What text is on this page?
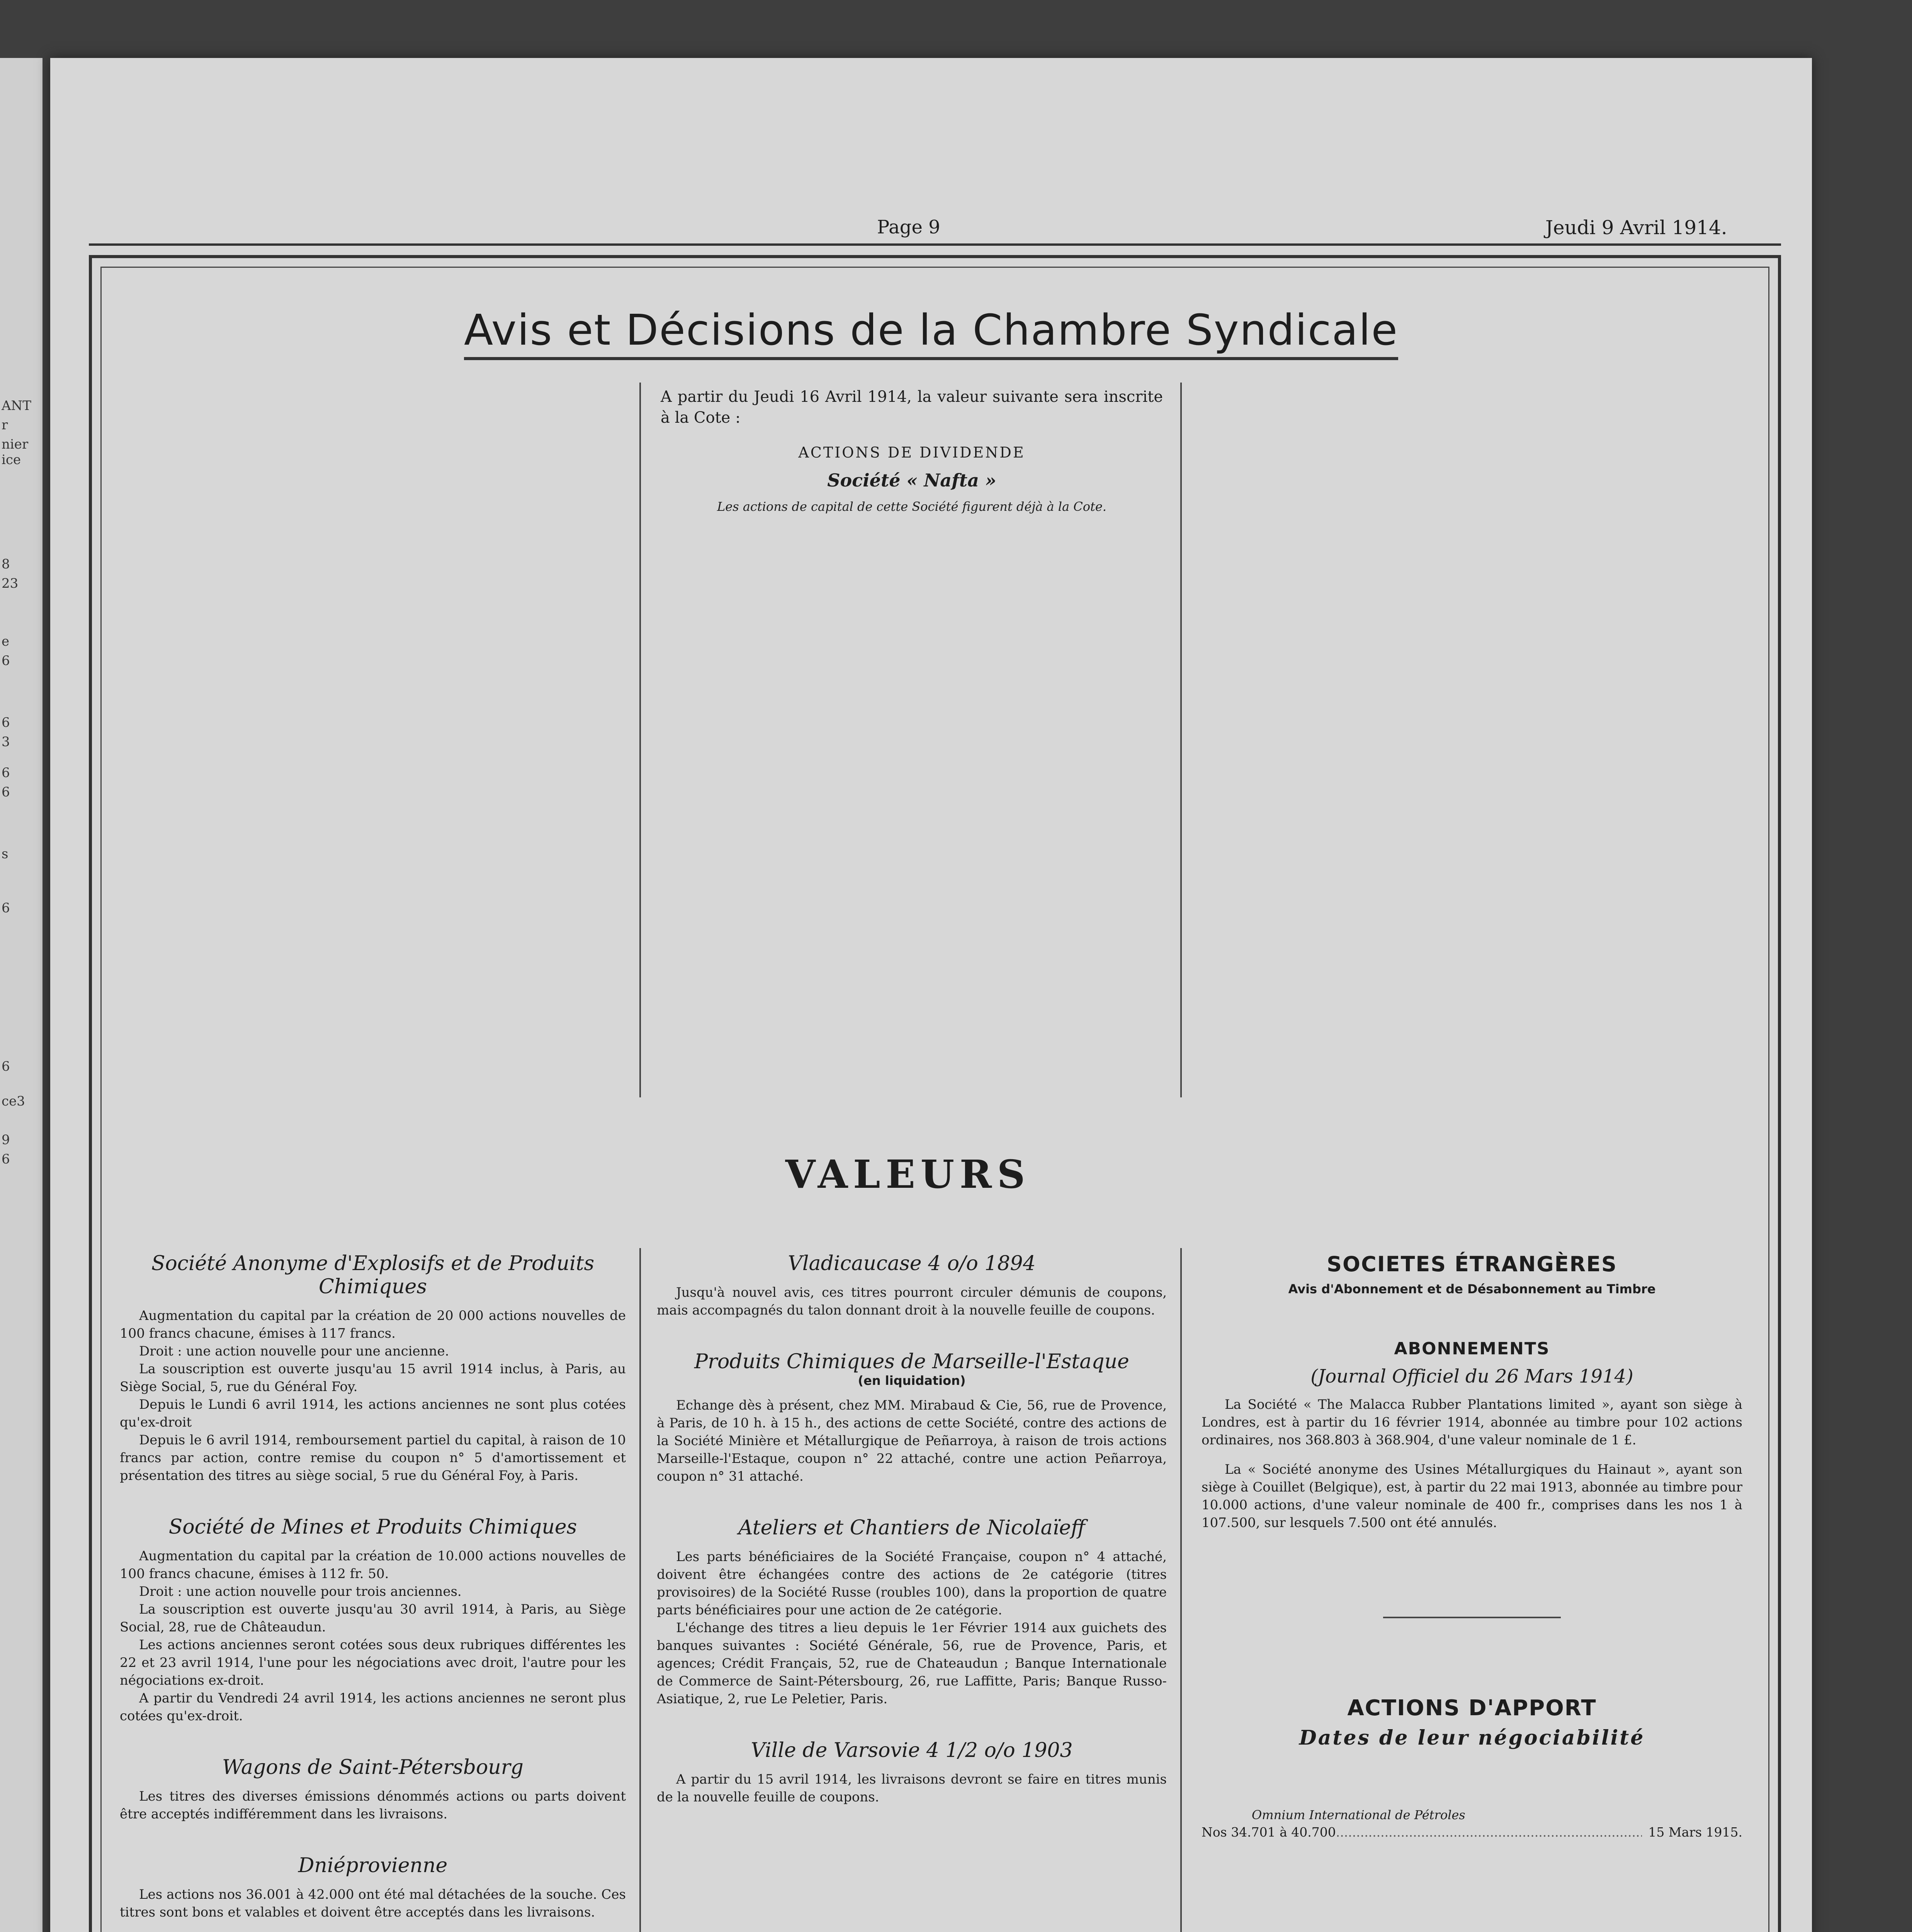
ANT
r
nier
ice
8
23
e
6
6
3
6
6
s
6
6
ce3
9
6
Page 9	Jeudi 9 Avril 1914.
Avis et Décisions de la Chambre Syndicale
A partir du Jeudi 16 Avril 1914, la valeur suivante sera inscrite à la Cote :
ACTIONS DE DIVIDENDE
Société « Nafta »
Les actions de capital de cette Société figurent déjà à la Cote.
VALEURS
Société Anonyme d'Explosifs et de Produits Chimiques
Augmentation du capital par la création de 20 000 actions nouvelles de 100 francs chacune, émises à 117 francs.
Droit : une action nouvelle pour une ancienne.
La souscription est ouverte jusqu'au 15 avril 1914 inclus, à Paris, au Siège Social, 5, rue du Général Foy.
Depuis le Lundi 6 avril 1914, les actions anciennes ne sont plus cotées qu'ex-droit
Depuis le 6 avril 1914, remboursement partiel du capital, à raison de 10 francs par action, contre remise du coupon n° 5 d'amortissement et présentation des titres au siège social, 5 rue du Général Foy, à Paris.
Société de Mines et Produits Chimiques
Augmentation du capital par la création de 10.000 actions nouvelles de 100 francs chacune, émises à 112 fr. 50.
Droit : une action nouvelle pour trois anciennes.
La souscription est ouverte jusqu'au 30 avril 1914, à Paris, au Siège Social, 28, rue de Châteaudun.
Les actions anciennes seront cotées sous deux rubriques différentes les 22 et 23 avril 1914, l'une pour les négociations avec droit, l'autre pour les négociations ex-droit.
A partir du Vendredi 24 avril 1914, les actions anciennes ne seront plus cotées qu'ex-droit.
Wagons de Saint-Pétersbourg
Les titres des diverses émissions dénommés actions ou parts doivent être acceptés indifféremment dans les livraisons.
Dniéprovienne
Les actions nos 36.001 à 42.000 ont été mal détachées de la souche. Ces titres sont bons et valables et doivent être acceptés dans les livraisons.
Vladicaucase 4 o/o 1894
Jusqu'à nouvel avis, ces titres pourront circuler démunis de coupons, mais accompagnés du talon donnant droit à la nouvelle feuille de coupons.
Produits Chimiques de Marseille-l'Estaque
(en liquidation)
Echange dès à présent, chez MM. Mirabaud & Cie, 56, rue de Provence, à Paris, de 10 h. à 15 h., des actions de cette Société, contre des actions de la Société Minière et Métallurgique de Peñarroya, à raison de trois actions Marseille-l'Estaque, coupon n° 22 attaché, contre une action Peñarroya, coupon n° 31 attaché.
Ateliers et Chantiers de Nicolaïeff
Les parts bénéficiaires de la Société Française, coupon n° 4 attaché, doivent être échangées contre des actions de 2e catégorie (titres provisoires) de la Société Russe (roubles 100), dans la proportion de quatre parts bénéficiaires pour une action de 2e catégorie.
L'échange des titres a lieu depuis le 1er Février 1914 aux guichets des banques suivantes : Société Générale, 56, rue de Provence, Paris, et agences; Crédit Français, 52, rue de Chateaudun ; Banque Internationale de Commerce de Saint-Pétersbourg, 26, rue Laffitte, Paris; Banque Russo-Asiatique, 2, rue Le Peletier, Paris.
Ville de Varsovie 4 1/2 o/o 1903
A partir du 15 avril 1914, les livraisons devront se faire en titres munis de la nouvelle feuille de coupons.
SOCIETES ÉTRANGÈRES
Avis d'Abonnement et de Désabonnement au Timbre
ABONNEMENTS
(Journal Officiel du 26 Mars 1914)
La Société « The Malacca Rubber Plantations limited », ayant son siège à Londres, est à partir du 16 février 1914, abonnée au timbre pour 102 actions ordinaires, nos 368.803 à 368.904, d'une valeur nominale de 1 £.
La « Société anonyme des Usines Métallurgiques du Hainaut », ayant son siège à Couillet (Belgique), est, à partir du 22 mai 1913, abonnée au timbre pour 10.000 actions, d'une valeur nominale de 400 fr., comprises dans les nos 1 à 107.500, sur lesquels 7.500 ont été annulés.
ACTIONS D'APPORT
Dates de leur négociabilité
Omnium International de Pétroles
Nos 34.701 à 40.700
.....	15 Mars 1915.
